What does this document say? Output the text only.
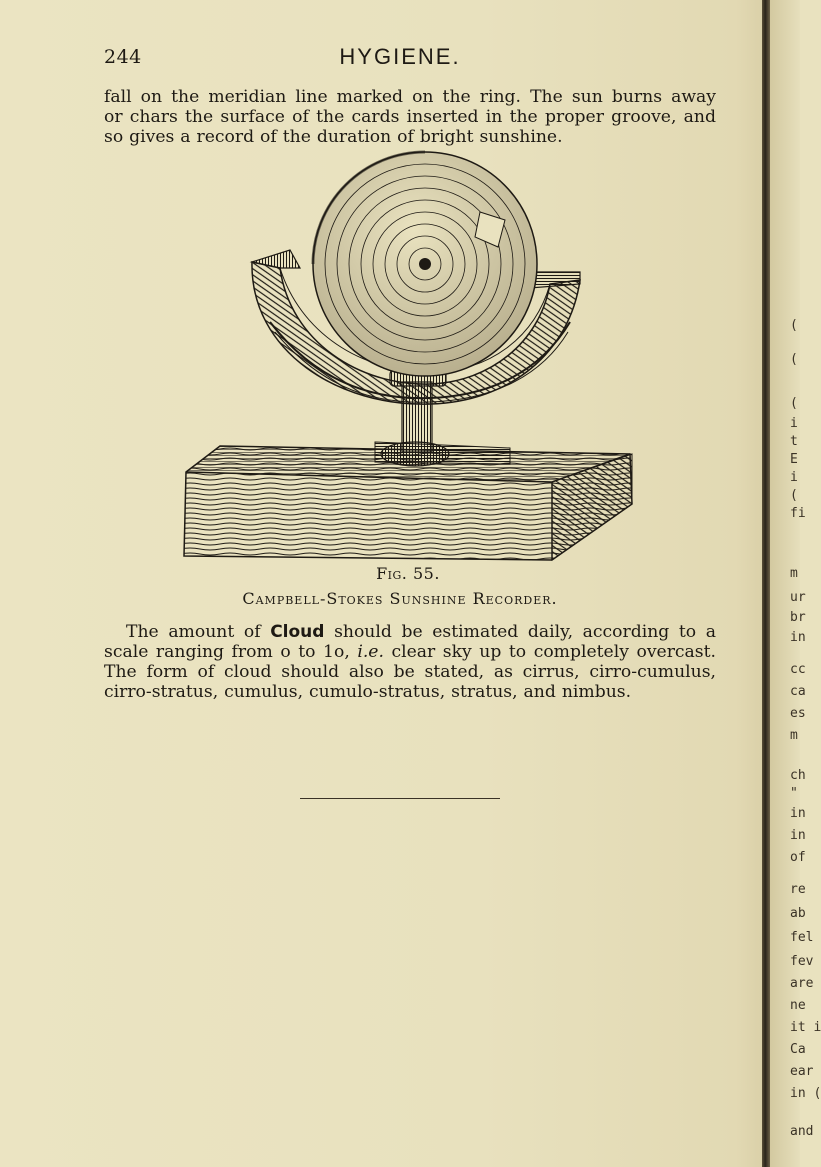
244	HYGIENE.
fall on the meridian line marked on the ring. The sun burns away
or chars the surface of the cards inserted in the proper groove, and
so gives a record of the duration of bright sunshine.
Fig. 55.
Campbell-Stokes Sunshine Recorder.
The amount of Cloud should be estimated daily, according to a
scale ranging from o to 1o, i.e. clear sky up to completely overcast.
The form of cloud should also be stated, as cirrus, cirro-cumulus,
cirro-stratus, cumulus, cumulo-stratus, stratus, and nimbus.
(
(
(
i
t
E
i
(
fi
m
ur
br
in
cc
ca
es
m
ch
"
in
in
of
re
ab
fel
fev
are
ne
it i
Ca
ear
in (
and
